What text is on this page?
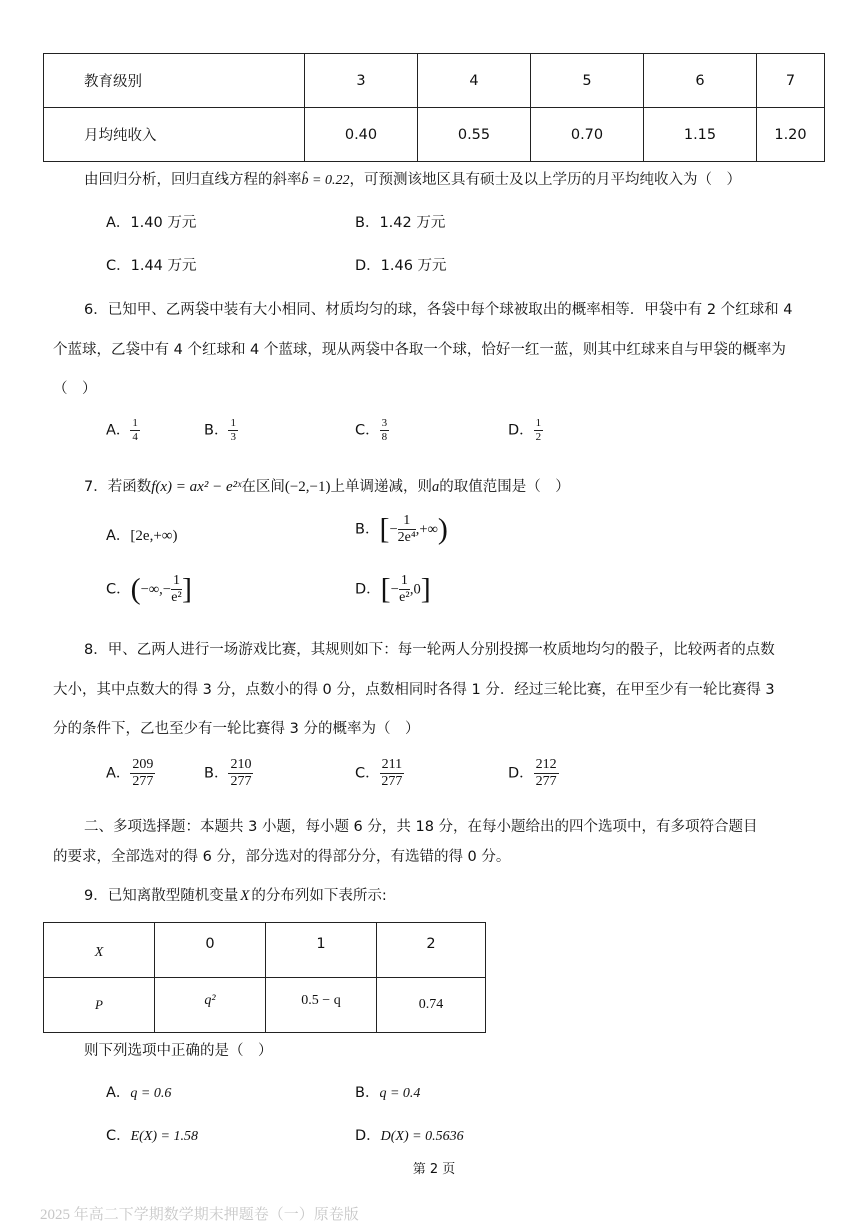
教育级别	3	4	5	6	7
月均纯收入	0.40	0.55	0.70	1.15	1.20
由回归分析，回归直线方程的斜率b̂ = 0.22，可预测该地区具有硕士及以上学历的月平均纯收入为（　）
A．1.40 万元	B．1.42 万元
C．1.44 万元	D．1.46 万元
6．已知甲、乙两袋中装有大小相同、材质均匀的球，各袋中每个球被取出的概率相等．甲袋中有 2 个红球和 4
个蓝球，乙袋中有 4 个红球和 4 个蓝球，现从两袋中各取一个球，恰好一红一蓝，则其中红球来自与甲袋的概率为
（　）
A． $\frac{1}{4}$	B． $\frac{1}{3}$	C． $\frac{3}{8}$	D． $\frac{1}{2}$
7．若函数f(x) = ax² − e²ˣ在区间(−2,−1)上单调递减，则a的取值范围是（　）
A．[2e,+∞)	B．[− $\frac{1}{\text{2e⁴}}$ ,+∞)
C．(−∞,− $\frac{1}{\text{e²}}$ ]	D．[− $\frac{1}{\text{e²}} ,0$]
8．甲、乙两人进行一场游戏比赛，其规则如下：每一轮两人分别投掷一枚质地均匀的骰子，比较两者的点数
大小，其中点数大的得 3 分，点数小的得 0 分，点数相同时各得 1 分．经过三轮比赛，在甲至少有一轮比赛得 3
分的条件下，乙也至少有一轮比赛得 3 分的概率为（　）
A． $\frac{209}{277}$	B． $\frac{210}{277}$	C． $\frac{211}{277}$	D． $\frac{212}{277}$
二、多项选择题：本题共 3 小题，每小题 6 分，共 18 分，在每小题给出的四个选项中，有多项符合题目
的要求，全部选对的得 6 分，部分选对的得部分分，有选错的得 0 分。
9．已知离散型随机变量 X 的分布列如下表所示:
X	0	1	2
P	q²	0.5 − q	0.74
则下列选项中正确的是（　）
A．q = 0.6	B．q = 0.4
C．E(X) = 1.58	D．D(X) = 0.5636
第 2 页
2025 年高二下学期数学期末押题卷（一）原卷版
